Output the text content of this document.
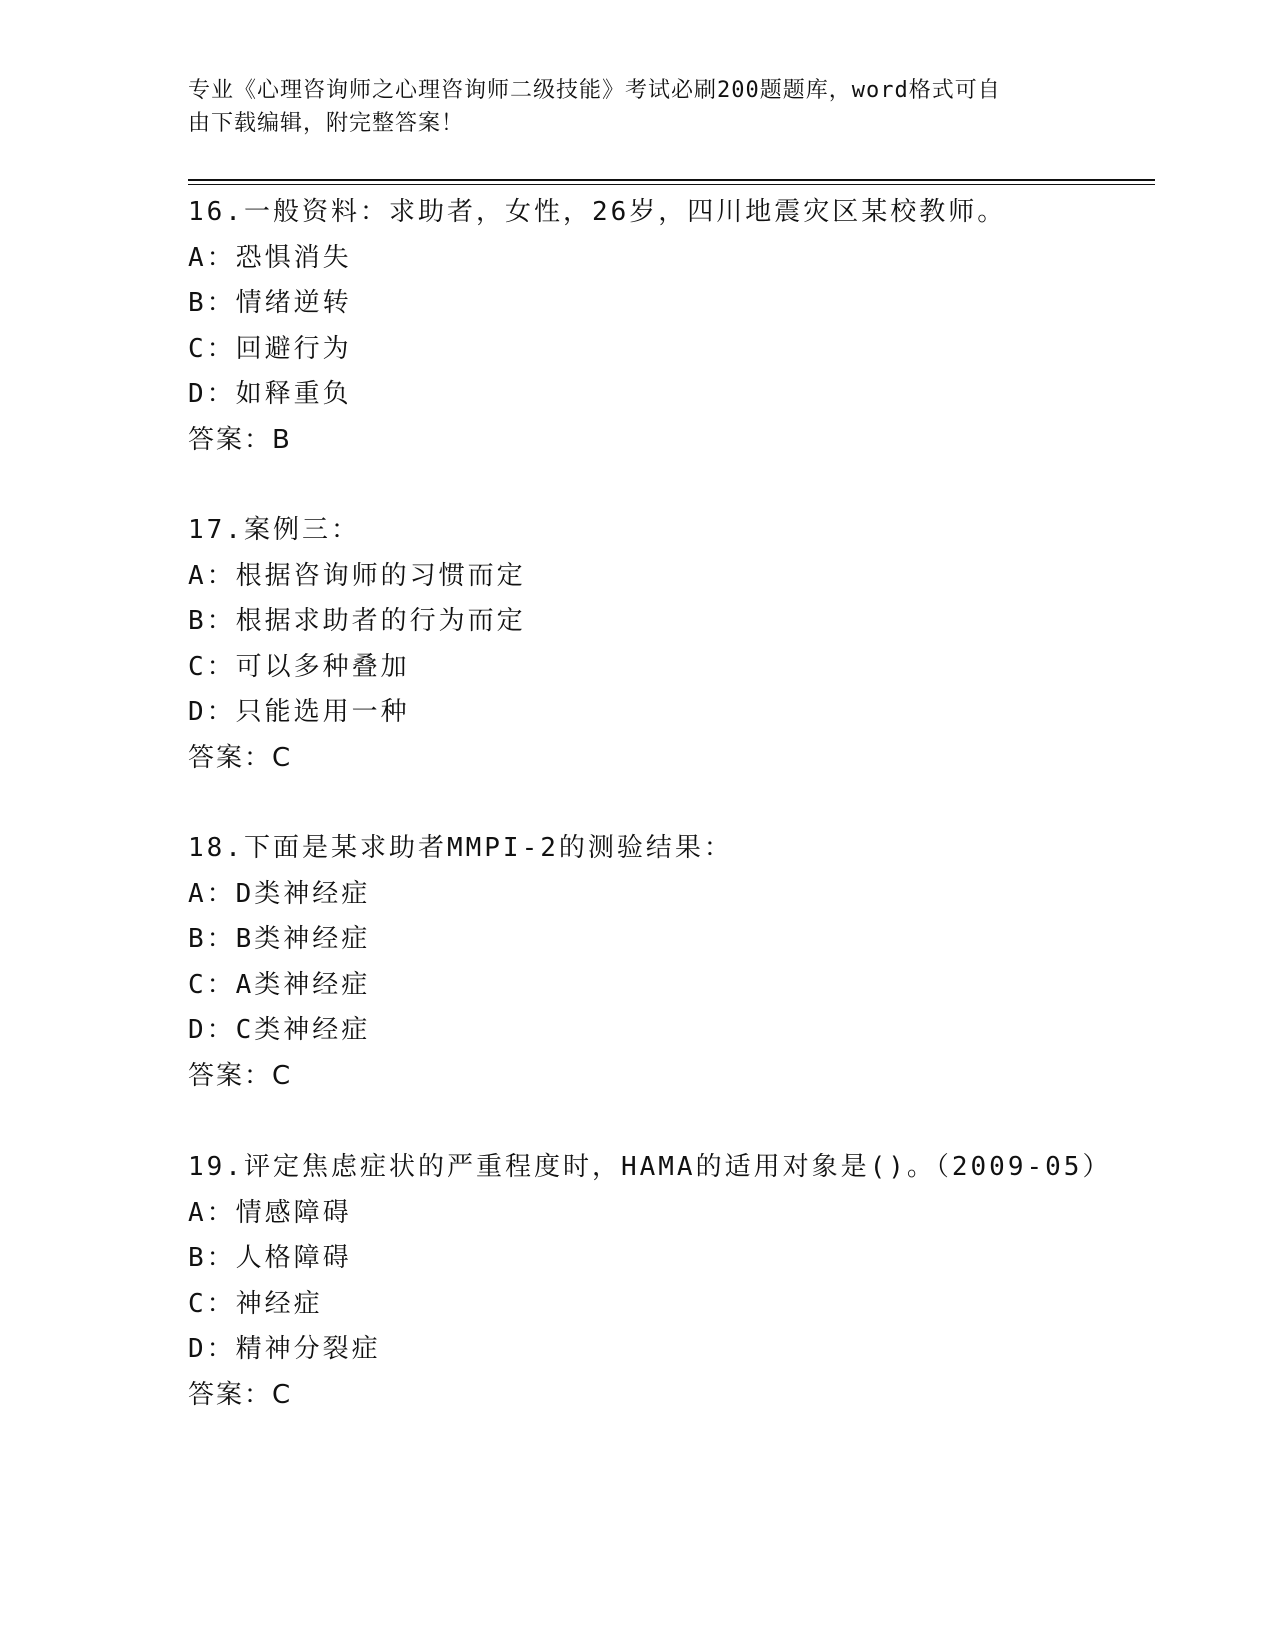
专业《心理咨询师之心理咨询师二级技能》考试必刷200题题库，word格式可自
由下载编辑，附完整答案！
16.一般资料：求助者，女性，26岁，四川地震灾区某校教师。
A：恐惧消失
B：情绪逆转
C：回避行为
D：如释重负
答案：B
17.案例三：
A：根据咨询师的习惯而定
B：根据求助者的行为而定
C：可以多种叠加
D：只能选用一种
答案：C
18.下面是某求助者MMPI-2的测验结果：
A：D类神经症
B：B类神经症
C：A类神经症
D：C类神经症
答案：C
19.评定焦虑症状的严重程度时，HAMA的适用对象是()。（2009-05）
A：情感障碍
B：人格障碍
C：神经症
D：精神分裂症
答案：C
